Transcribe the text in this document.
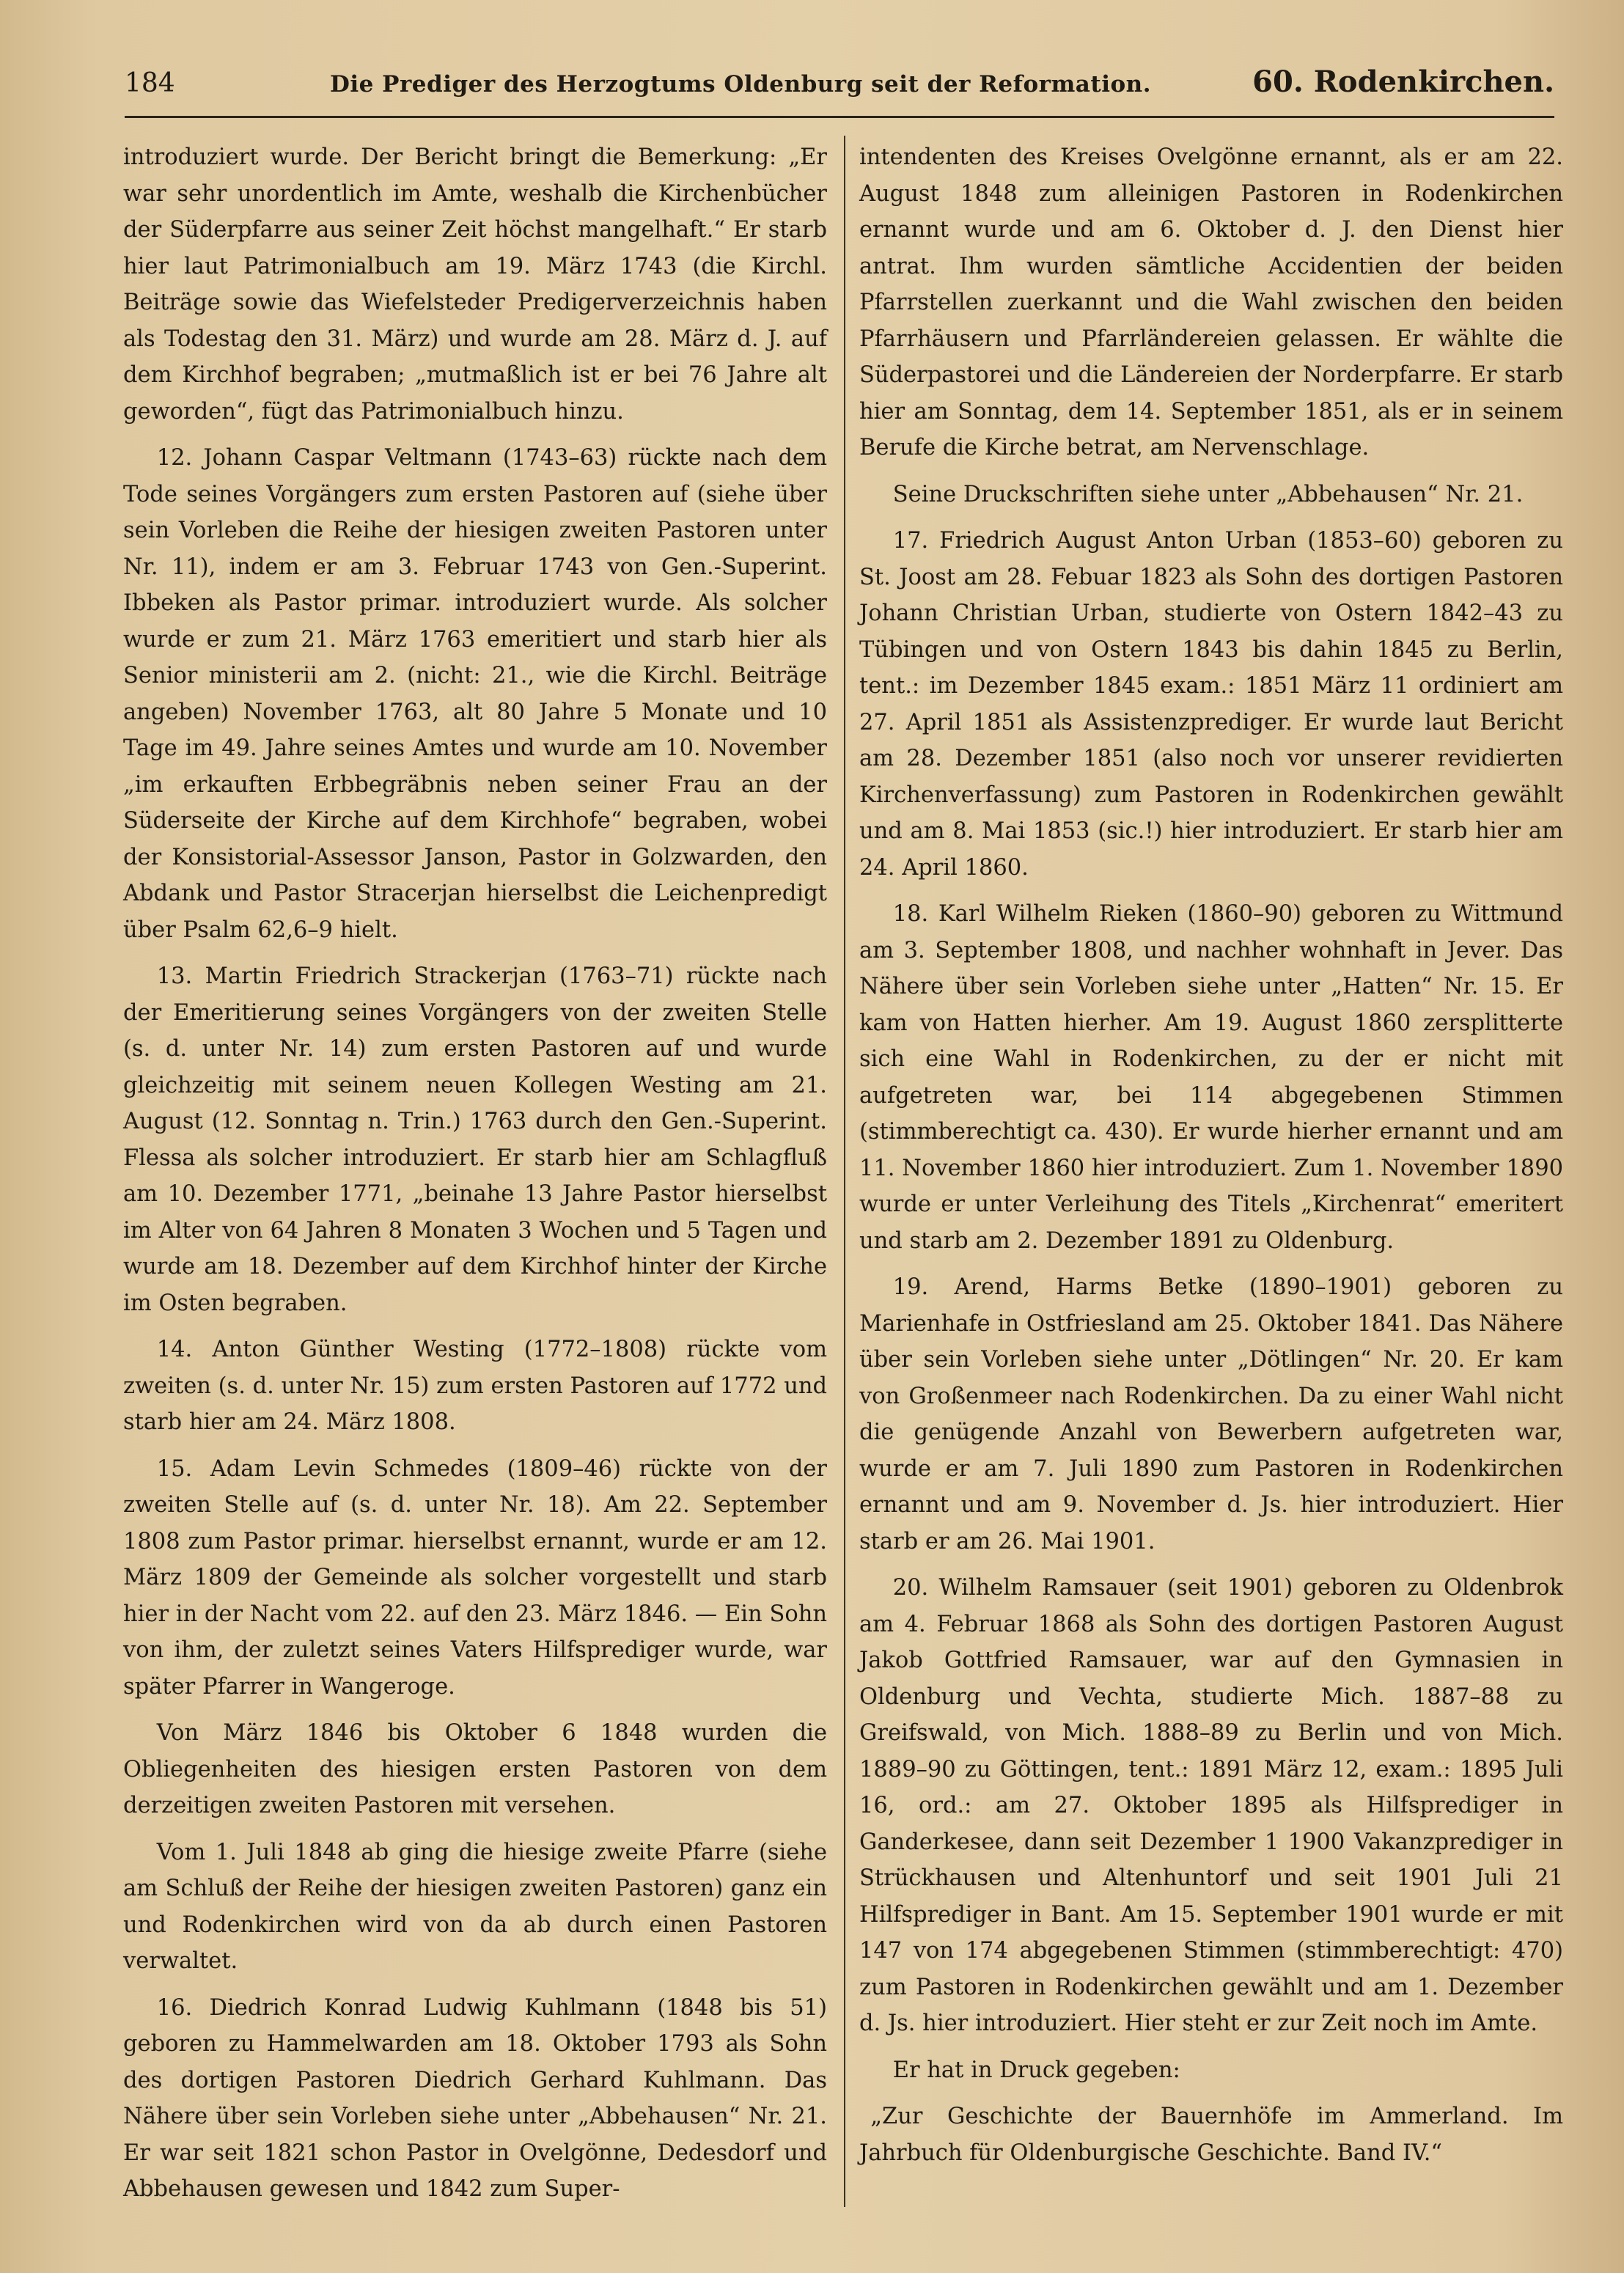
184	Die Prediger des Herzogtums Oldenburg seit der Reformation.	60. Rodenkirchen.

introduziert wurde. Der Bericht bringt die Bemerkung: „Er war sehr unordentlich im Amte, weshalb die Kirchenbücher der Süderpfarre aus seiner Zeit höchst mangelhaft.“ Er starb hier laut Patrimonialbuch am 19. März 1743 (die Kirchl. Beiträge sowie das Wiefelsteder Predigerverzeichnis haben als Todestag den 31. März) und wurde am 28. März d. J. auf dem Kirchhof begraben; „mutmaßlich ist er bei 76 Jahre alt geworden“, fügt das Patrimonialbuch hinzu.

12. Johann Caspar Veltmann (1743–63) rückte nach dem Tode seines Vorgängers zum ersten Pastoren auf (siehe über sein Vorleben die Reihe der hiesigen zweiten Pastoren unter Nr. 11), indem er am 3. Februar 1743 von Gen.-Superint. Ibbeken als Pastor primar. introduziert wurde. Als solcher wurde er zum 21. März 1763 emeritiert und starb hier als Senior ministerii am 2. (nicht: 21., wie die Kirchl. Beiträge angeben) November 1763, alt 80 Jahre 5 Monate und 10 Tage im 49. Jahre seines Amtes und wurde am 10. November „im erkauften Erbbegräbnis neben seiner Frau an der Süderseite der Kirche auf dem Kirchhofe“ begraben, wobei der Konsistorial-Assessor Janson, Pastor in Golzwarden, den Abdank und Pastor Stracerjan hierselbst die Leichenpredigt über Psalm 62,6–9 hielt.

13. Martin Friedrich Strackerjan (1763–71) rückte nach der Emeritierung seines Vorgängers von der zweiten Stelle (s. d. unter Nr. 14) zum ersten Pastoren auf und wurde gleichzeitig mit seinem neuen Kollegen Westing am 21. August (12. Sonntag n. Trin.) 1763 durch den Gen.-Superint. Flessa als solcher introduziert. Er starb hier am Schlagfluß am 10. Dezember 1771, „beinahe 13 Jahre Pastor hierselbst im Alter von 64 Jahren 8 Monaten 3 Wochen und 5 Tagen und wurde am 18. Dezember auf dem Kirchhof hinter der Kirche im Osten begraben.

14. Anton Günther Westing (1772–1808) rückte vom zweiten (s. d. unter Nr. 15) zum ersten Pastoren auf 1772 und starb hier am 24. März 1808.

15. Adam Levin Schmedes (1809–46) rückte von der zweiten Stelle auf (s. d. unter Nr. 18). Am 22. September 1808 zum Pastor primar. hierselbst ernannt, wurde er am 12. März 1809 der Gemeinde als solcher vorgestellt und starb hier in der Nacht vom 22. auf den 23. März 1846. — Ein Sohn von ihm, der zuletzt seines Vaters Hilfsprediger wurde, war später Pfarrer in Wangeroge.

Von März 1846 bis Oktober 6 1848 wurden die Obliegenheiten des hiesigen ersten Pastoren von dem derzeitigen zweiten Pastoren mit versehen.

Vom 1. Juli 1848 ab ging die hiesige zweite Pfarre (siehe am Schluß der Reihe der hiesigen zweiten Pastoren) ganz ein und Rodenkirchen wird von da ab durch einen Pastoren verwaltet.

16. Diedrich Konrad Ludwig Kuhlmann (1848 bis 51) geboren zu Hammelwarden am 18. Oktober 1793 als Sohn des dortigen Pastoren Diedrich Gerhard Kuhlmann. Das Nähere über sein Vorleben siehe unter „Abbehausen“ Nr. 21. Er war seit 1821 schon Pastor in Ovelgönne, Dedesdorf und Abbehausen gewesen und 1842 zum Super-

intendenten des Kreises Ovelgönne ernannt, als er am 22. August 1848 zum alleinigen Pastoren in Rodenkirchen ernannt wurde und am 6. Oktober d. J. den Dienst hier antrat. Ihm wurden sämtliche Accidentien der beiden Pfarrstellen zuerkannt und die Wahl zwischen den beiden Pfarrhäusern und Pfarrländereien gelassen. Er wählte die Süderpastorei und die Ländereien der Norderpfarre. Er starb hier am Sonntag, dem 14. September 1851, als er in seinem Berufe die Kirche betrat, am Nervenschlage.

Seine Druckschriften siehe unter „Abbehausen“ Nr. 21.

17. Friedrich August Anton Urban (1853–60) geboren zu St. Joost am 28. Febuar 1823 als Sohn des dortigen Pastoren Johann Christian Urban, studierte von Ostern 1842–43 zu Tübingen und von Ostern 1843 bis dahin 1845 zu Berlin, tent.: im Dezember 1845 exam.: 1851 März 11 ordiniert am 27. April 1851 als Assistenzprediger. Er wurde laut Bericht am 28. Dezember 1851 (also noch vor unserer revidierten Kirchenverfassung) zum Pastoren in Rodenkirchen gewählt und am 8. Mai 1853 (sic.!) hier introduziert. Er starb hier am 24. April 1860.

18. Karl Wilhelm Rieken (1860–90) geboren zu Wittmund am 3. September 1808, und nachher wohnhaft in Jever. Das Nähere über sein Vorleben siehe unter „Hatten“ Nr. 15. Er kam von Hatten hierher. Am 19. August 1860 zersplitterte sich eine Wahl in Rodenkirchen, zu der er nicht mit aufgetreten war, bei 114 abgegebenen Stimmen (stimmberechtigt ca. 430). Er wurde hierher ernannt und am 11. November 1860 hier introduziert. Zum 1. November 1890 wurde er unter Verleihung des Titels „Kirchenrat“ emeritert und starb am 2. Dezember 1891 zu Oldenburg.

19. Arend, Harms Betke (1890–1901) geboren zu Marienhafe in Ostfriesland am 25. Oktober 1841. Das Nähere über sein Vorleben siehe unter „Dötlingen“ Nr. 20. Er kam von Großenmeer nach Rodenkirchen. Da zu einer Wahl nicht die genügende Anzahl von Bewerbern aufgetreten war, wurde er am 7. Juli 1890 zum Pastoren in Rodenkirchen ernannt und am 9. November d. Js. hier introduziert. Hier starb er am 26. Mai 1901.

20. Wilhelm Ramsauer (seit 1901) geboren zu Oldenbrok am 4. Februar 1868 als Sohn des dortigen Pastoren August Jakob Gottfried Ramsauer, war auf den Gymnasien in Oldenburg und Vechta, studierte Mich. 1887–88 zu Greifswald, von Mich. 1888–89 zu Berlin und von Mich. 1889–90 zu Göttingen, tent.: 1891 März 12, exam.: 1895 Juli 16, ord.: am 27. Oktober 1895 als Hilfsprediger in Ganderkesee, dann seit Dezember 1 1900 Vakanzprediger in Strückhausen und Altenhuntorf und seit 1901 Juli 21 Hilfsprediger in Bant. Am 15. September 1901 wurde er mit 147 von 174 abgegebenen Stimmen (stimmberechtigt: 470) zum Pastoren in Rodenkirchen gewählt und am 1. Dezember d. Js. hier introduziert. Hier steht er zur Zeit noch im Amte.

Er hat in Druck gegeben:

„Zur Geschichte der Bauernhöfe im Ammerland. Im Jahrbuch für Oldenburgische Geschichte. Band IV.“
